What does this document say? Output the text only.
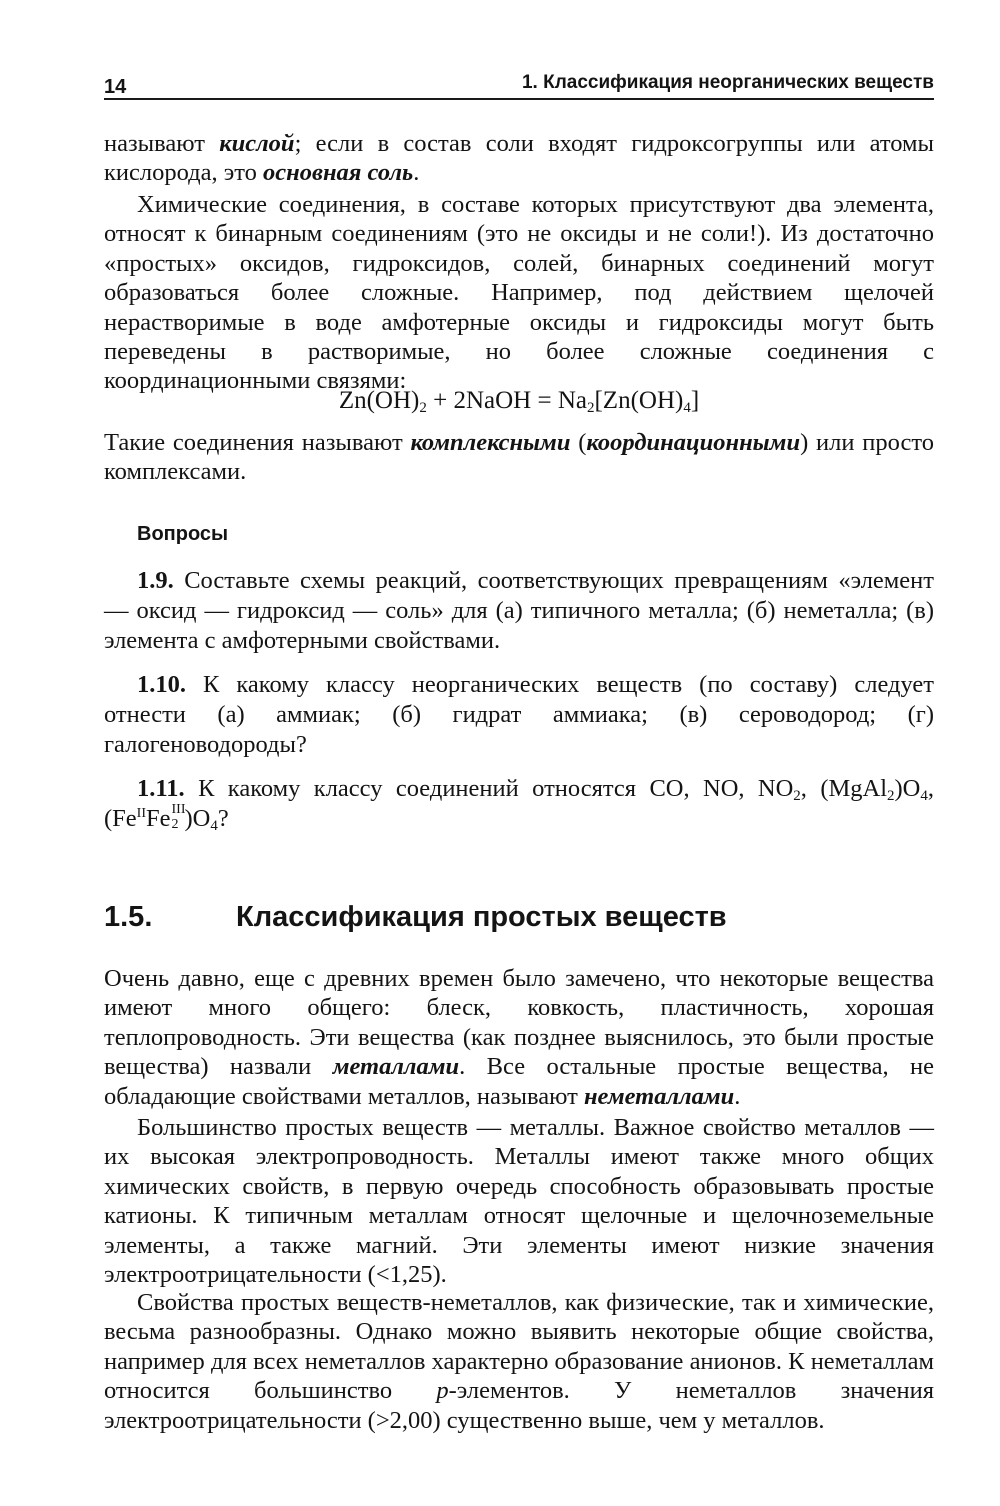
14	1. Классификация неорганических веществ

называют кислой; если в состав соли входят гидроксогруппы или атомы кислорода, это основная соль.

Химические соединения, в составе которых присутствуют два элемента, относят к бинарным соединениям (это не оксиды и не соли!). Из достаточно «простых» оксидов, гидроксидов, солей, бинарных соединений могут образоваться более сложные. Например, под действием щелочей нерастворимые в воде амфотерные оксиды и гидроксиды могут быть переведены в растворимые, но более сложные соединения с координационными связями:

$Zn(OH)_2$ + 2NaOH = $Na_2[Zn(OH)_4]$

Такие соединения называют комплексными (координационными) или просто комплексами.

Вопросы

1.9. Составьте схемы реакций, соответствующих превращениям «элемент — оксид — гидроксид — соль» для (а) типичного металла; (б) неметалла; (в) элемента с амфотерными свойствами.

1.10. К какому классу неорганических веществ (по составу) следует отнести (а) аммиак; (б) гидрат аммиака; (в) сероводород; (г) галогеноводороды?

1.11. К какому классу соединений относятся CO, NO, $NO_2$, $(MgAl_2)O_4$, ($Fe^{II}Fe$ III
2 )$O_4$?

1.5.	Классификация простых веществ

Очень давно, еще с древних времен было замечено, что некоторые вещества имеют много общего: блеск, ковкость, пластичность, хорошая теплопроводность. Эти вещества (как позднее выяснилось, это были простые вещества) назвали металлами. Все остальные простые вещества, не обладающие свойствами металлов, называют неметаллами.

Большинство простых веществ — металлы. Важное свойство металлов — их высокая электропроводность. Металлы имеют также много общих химических свойств, в первую очередь способность образовывать простые катионы. К типичным металлам относят щелочные и щелочноземельные элементы, а также магний. Эти элементы имеют низкие значения электроотрицательности (<1,25).

Свойства простых веществ-неметаллов, как физические, так и химические, весьма разнообразны. Однако можно выявить некоторые общие свойства, например для всех неметаллов характерно образование анионов. К неметаллам относится большинство p-элементов. У неметаллов значения электроотрицательности (>2,00) существенно выше, чем у металлов.
